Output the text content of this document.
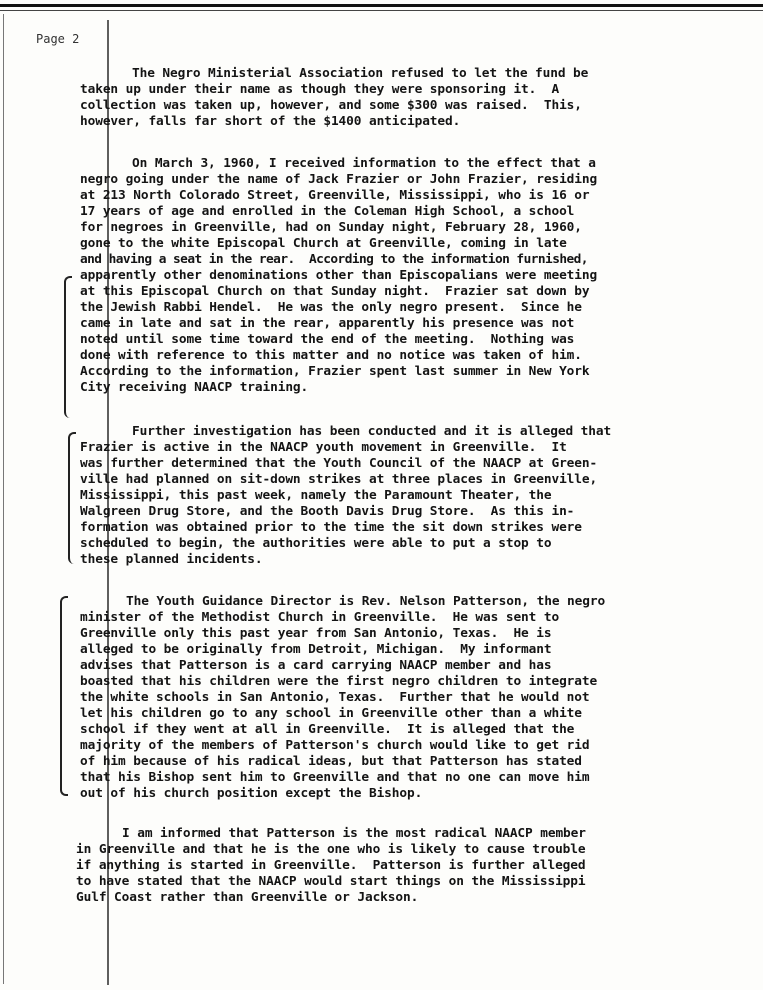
Page 2
The Negro Ministerial Association refused to let the fund be
taken up under their name as though they were sponsoring it.  A
collection was taken up, however, and some $300 was raised.  This,
however, falls far short of the $1400 anticipated.
On March 3, 1960, I received information to the effect that a
negro going under the name of Jack Frazier or John Frazier, residing
at 213 North Colorado Street, Greenville, Mississippi, who is 16 or
17 years of age and enrolled in the Coleman High School, a school
for negroes in Greenville, had on Sunday night, February 28, 1960,
gone to the white Episcopal Church at Greenville, coming in late
and having a seat in the rear.  According to the information furnished,
apparently other denominations other than Episcopalians were meeting
at this Episcopal Church on that Sunday night.  Frazier sat down by
the Jewish Rabbi Hendel.  He was the only negro present.  Since he
came in late and sat in the rear, apparently his presence was not
noted until some time toward the end of the meeting.  Nothing was
done with reference to this matter and no notice was taken of him.
According to the information, Frazier spent last summer in New York
City receiving NAACP training.
Further investigation has been conducted and it is alleged that
Frazier is active in the NAACP youth movement in Greenville.  It
was further determined that the Youth Council of the NAACP at Green-
ville had planned on sit-down strikes at three places in Greenville,
Mississippi, this past week, namely the Paramount Theater, the
Walgreen Drug Store, and the Booth Davis Drug Store.  As this in-
formation was obtained prior to the time the sit down strikes were
scheduled to begin, the authorities were able to put a stop to
these planned incidents.
The Youth Guidance Director is Rev. Nelson Patterson, the negro
minister of the Methodist Church in Greenville.  He was sent to
Greenville only this past year from San Antonio, Texas.  He is
alleged to be originally from Detroit, Michigan.  My informant
advises that Patterson is a card carrying NAACP member and has
boasted that his children were the first negro children to integrate
the white schools in San Antonio, Texas.  Further that he would not
let his children go to any school in Greenville other than a white
school if they went at all in Greenville.  It is alleged that the
majority of the members of Patterson's church would like to get rid
of him because of his radical ideas, but that Patterson has stated
that his Bishop sent him to Greenville and that no one can move him
out of his church position except the Bishop.
I am informed that Patterson is the most radical NAACP member
in Greenville and that he is the one who is likely to cause trouble
if anything is started in Greenville.  Patterson is further alleged
to have stated that the NAACP would start things on the Mississippi
Gulf Coast rather than Greenville or Jackson.
